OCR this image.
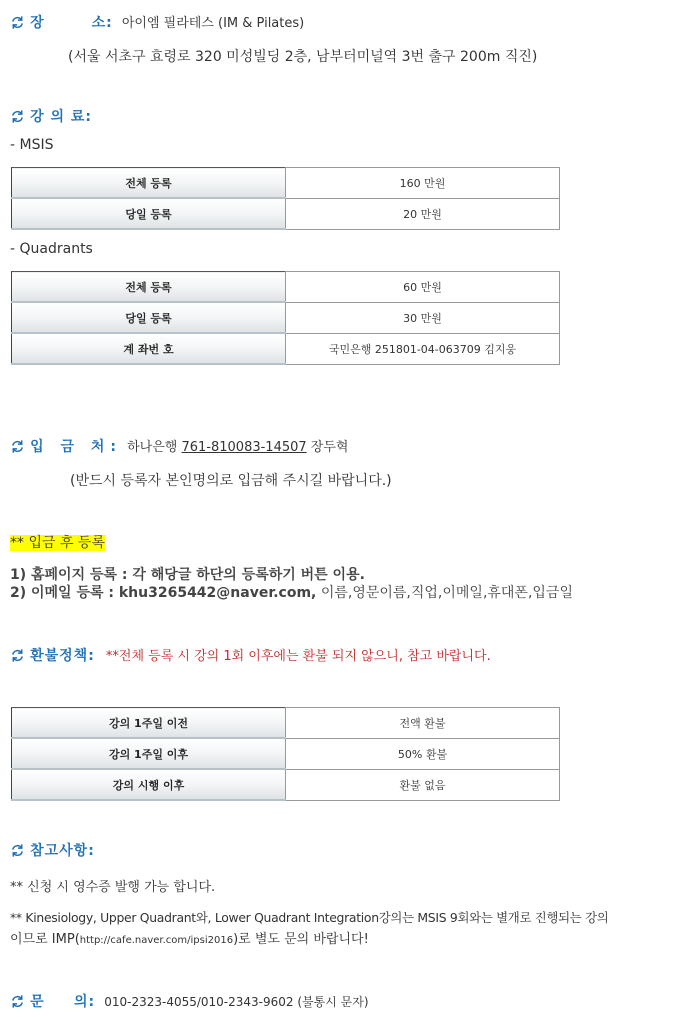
장        소: 아이엠 필라테스 (IM & Pilates)
(서울 서초구 효령로 320 미성빌딩 2층, 남부터미널역 3번 출구 200m 직진)
강 의 료:
- MSIS
전체 등록	160 만원
당일 등록	20 만원
- Quadrants
전체 등록	60 만원
당일 등록	30 만원
계 좌번 호	국민은행 251801-04-063709 김지웅
입 금 처: 하나은행 761-810083-14507 장두혁
(반드시 등록자 본인명의로 입금해 주시길 바랍니다.)
** 입금 후 등록
1) 홈페이지 등록 : 각 해당글 하단의 등록하기 버튼 이용.
2) 이메일 등록 : khu3265442@naver.com, 이름,영문이름,직업,이메일,휴대폰,입금일
환불정책: **전체 등록 시 강의 1회 이후에는 환불 되지 않으니, 참고 바랍니다.
강의 1주일 이전	전액 환불
강의 1주일 이후	50% 환불
강의 시행 이후	환불 없음
참고사항:
** 신청 시 영수증 발행 가능 합니다.
** Kinesiology, Upper Quadrant와, Lower Quadrant Integration강의는 MSIS 9회와는 별개로 진행되는 강의
이므로 IMP(http://cafe.naver.com/ipsi2016)로 별도 문의 바랍니다!
문     의: 010-2323-4055/010-2343-9602 (불통시 문자)
